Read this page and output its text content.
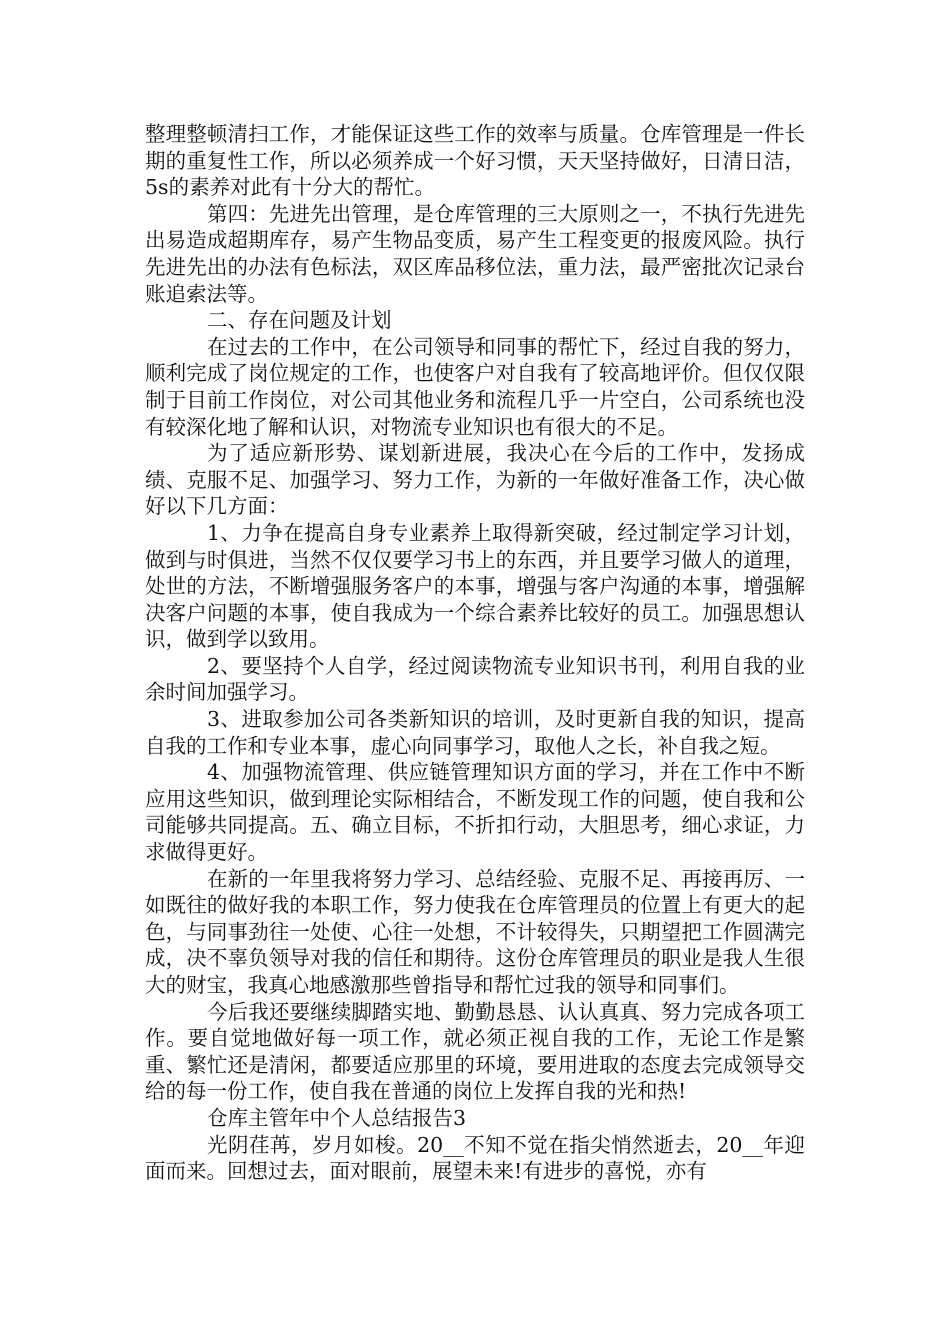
整理整顿清扫工作，才能保证这些工作的效率与质量。仓库管理是一件长期的重复性工作，所以必须养成一个好习惯，天天坚持做好，日清日洁，5s的素养对此有十分大的帮忙。

第四：先进先出管理，是仓库管理的三大原则之一，不执行先进先出易造成超期库存，易产生物品变质，易产生工程变更的报废风险。执行先进先出的办法有色标法，双区库品移位法，重力法，最严密批次记录台账追索法等。

二、存在问题及计划

在过去的工作中，在公司领导和同事的帮忙下，经过自我的努力，顺利完成了岗位规定的工作，也使客户对自我有了较高地评价。但仅仅限制于目前工作岗位，对公司其他业务和流程几乎一片空白，公司系统也没有较深化地了解和认识，对物流专业知识也有很大的不足。

为了适应新形势、谋划新进展，我决心在今后的工作中，发扬成绩、克服不足、加强学习、努力工作，为新的一年做好准备工作，决心做好以下几方面：

1、力争在提高自身专业素养上取得新突破，经过制定学习计划，做到与时俱进，当然不仅仅要学习书上的东西，并且要学习做人的道理，处世的方法，不断增强服务客户的本事，增强与客户沟通的本事，增强解决客户问题的本事，使自我成为一个综合素养比较好的员工。加强思想认识，做到学以致用。

2、要坚持个人自学，经过阅读物流专业知识书刊，利用自我的业余时间加强学习。

3、进取参加公司各类新知识的培训，及时更新自我的知识，提高自我的工作和专业本事，虚心向同事学习，取他人之长，补自我之短。

4、加强物流管理、供应链管理知识方面的学习，并在工作中不断应用这些知识，做到理论实际相结合，不断发现工作的问题，使自我和公司能够共同提高。五、确立目标，不折扣行动，大胆思考，细心求证，力求做得更好。

在新的一年里我将努力学习、总结经验、克服不足、再接再厉、一如既往的做好我的本职工作，努力使我在仓库管理员的位置上有更大的起色，与同事劲往一处使、心往一处想，不计较得失，只期望把工作圆满完成，决不辜负领导对我的信任和期待。这份仓库管理员的职业是我人生很大的财宝，我真心地感激那些曾指导和帮忙过我的领导和同事们。

今后我还要继续脚踏实地、勤勤恳恳、认认真真、努力完成各项工作。要自觉地做好每一项工作，就必须正视自我的工作，无论工作是繁重、繁忙还是清闲，都要适应那里的环境，要用进取的态度去完成领导交给的每一份工作，使自我在普通的岗位上发挥自我的光和热!

仓库主管年中个人总结报告3

光阴荏苒，岁月如梭。20__不知不觉在指尖悄然逝去，20__年迎面而来。回想过去，面对眼前，展望未来!有进步的喜悦，亦有
